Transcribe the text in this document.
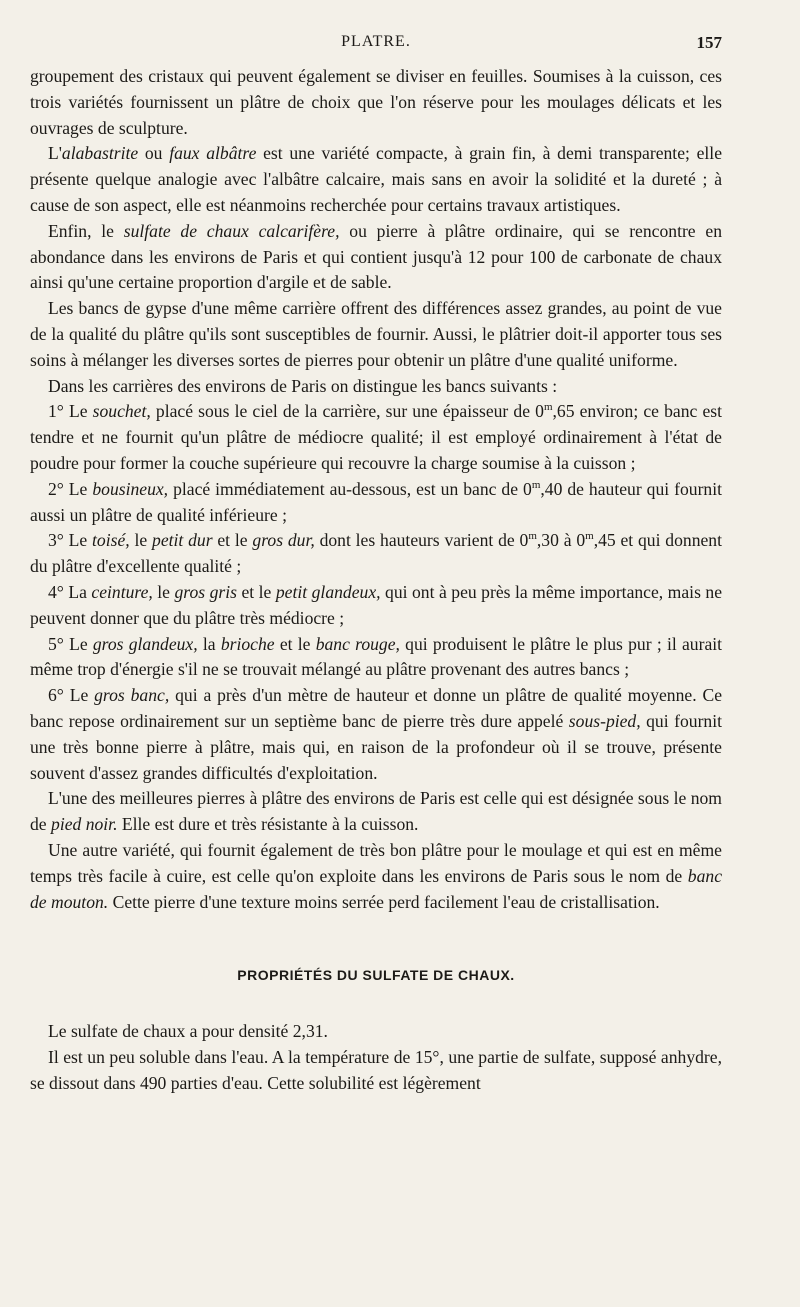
PLATRE.	157

groupement des cristaux qui peuvent également se diviser en feuilles. Soumises à la cuisson, ces trois variétés fournissent un plâtre de choix que l'on réserve pour les moulages délicats et les ouvrages de sculpture.

L'alabastrite ou faux albâtre est une variété compacte, à grain fin, à demi transparente; elle présente quelque analogie avec l'albâtre calcaire, mais sans en avoir la solidité et la dureté ; à cause de son aspect, elle est néanmoins recherchée pour certains travaux artistiques.

Enfin, le sulfate de chaux calcarifère, ou pierre à plâtre ordinaire, qui se rencontre en abondance dans les environs de Paris et qui contient jusqu'à 12 pour 100 de carbonate de chaux ainsi qu'une certaine proportion d'argile et de sable.

Les bancs de gypse d'une même carrière offrent des différences assez grandes, au point de vue de la qualité du plâtre qu'ils sont susceptibles de fournir. Aussi, le plâtrier doit-il apporter tous ses soins à mélanger les diverses sortes de pierres pour obtenir un plâtre d'une qualité uniforme.

Dans les carrières des environs de Paris on distingue les bancs suivants :

1° Le souchet, placé sous le ciel de la carrière, sur une épaisseur de 0$^m$,65 environ; ce banc est tendre et ne fournit qu'un plâtre de médiocre qualité; il est employé ordinairement à l'état de poudre pour former la couche supérieure qui recouvre la charge soumise à la cuisson ;

2° Le bousineux, placé immédiatement au-dessous, est un banc de 0$^m$,40 de hauteur qui fournit aussi un plâtre de qualité inférieure ;

3° Le toisé, le petit dur et le gros dur, dont les hauteurs varient de 0$^m$,30 à 0$^m$,45 et qui donnent du plâtre d'excellente qualité ;

4° La ceinture, le gros gris et le petit glandeux, qui ont à peu près la même importance, mais ne peuvent donner que du plâtre très médiocre ;

5° Le gros glandeux, la brioche et le banc rouge, qui produisent le plâtre le plus pur ; il aurait même trop d'énergie s'il ne se trouvait mélangé au plâtre provenant des autres bancs ;

6° Le gros banc, qui a près d'un mètre de hauteur et donne un plâtre de qualité moyenne. Ce banc repose ordinairement sur un septième banc de pierre très dure appelé sous-pied, qui fournit une très bonne pierre à plâtre, mais qui, en raison de la profondeur où il se trouve, présente souvent d'assez grandes difficultés d'exploitation.

L'une des meilleures pierres à plâtre des environs de Paris est celle qui est désignée sous le nom de pied noir. Elle est dure et très résistante à la cuisson.

Une autre variété, qui fournit également de très bon plâtre pour le moulage et qui est en même temps très facile à cuire, est celle qu'on exploite dans les environs de Paris sous le nom de banc de mouton. Cette pierre d'une texture moins serrée perd facilement l'eau de cristallisation.

PROPRIÉTÉS DU SULFATE DE CHAUX.

Le sulfate de chaux a pour densité 2,31.

Il est un peu soluble dans l'eau. A la température de 15°, une partie de sulfate, supposé anhydre, se dissout dans 490 parties d'eau. Cette solubilité est légèrement
